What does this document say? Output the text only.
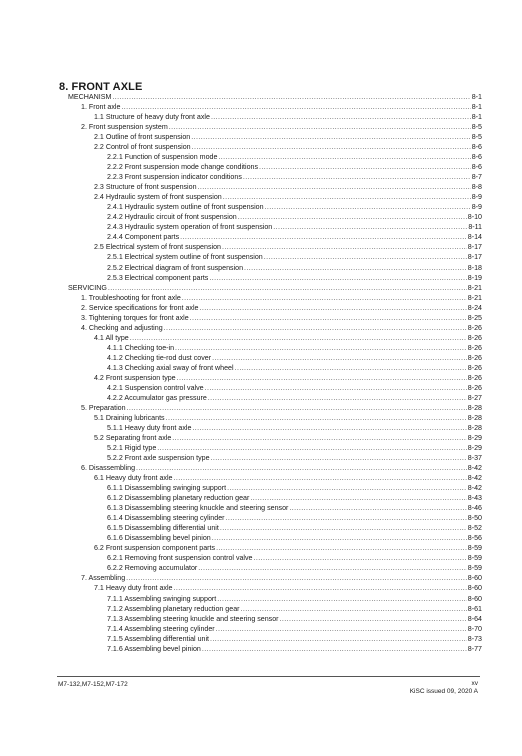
8. FRONT AXLE
MECHANISM .....	8-1
1. Front axle .....	8-1
1.1 Structure of heavy duty front axle .....	8-1
2. Front suspension system .....	8-5
2.1 Outline of front suspension .....	8-5
2.2 Control of front suspension .....	8-6
2.2.1 Function of suspension mode .....	8-6
2.2.2 Front suspension mode change conditions .....	8-6
2.2.3 Front suspension indicator conditions .....	8-7
2.3 Structure of front suspension .....	8-8
2.4 Hydraulic system of front suspension .....	8-9
2.4.1 Hydraulic system outline of front suspension .....	8-9
2.4.2 Hydraulic circuit of front suspension .....	8-10
2.4.3 Hydraulic system operation of front suspension .....	8-11
2.4.4 Component parts .....	8-14
2.5 Electrical system of front suspension .....	8-17
2.5.1 Electrical system outline of front suspension .....	8-17
2.5.2 Electrical diagram of front suspension .....	8-18
2.5.3 Electrical component parts .....	8-19
SERVICING .....	8-21
1. Troubleshooting for front axle .....	8-21
2. Service specifications for front axle .....	8-24
3. Tightening torques for front axle .....	8-25
4. Checking and adjusting .....	8-26
4.1 All type .....	8-26
4.1.1 Checking toe-in .....	8-26
4.1.2 Checking tie-rod dust cover .....	8-26
4.1.3 Checking axial sway of front wheel .....	8-26
4.2 Front suspension type .....	8-26
4.2.1 Suspension control valve .....	8-26
4.2.2 Accumulator gas pressure .....	8-27
5. Preparation .....	8-28
5.1 Draining lubricants .....	8-28
5.1.1 Heavy duty front axle .....	8-28
5.2 Separating front axle .....	8-29
5.2.1 Rigid type .....	8-29
5.2.2 Front axle suspension type .....	8-37
6. Disassembling .....	8-42
6.1 Heavy duty front axle .....	8-42
6.1.1 Disassembling swinging support .....	8-42
6.1.2 Disassembling planetary reduction gear .....	8-43
6.1.3 Disassembling steering knuckle and steering sensor .....	8-46
6.1.4 Disassembling steering cylinder .....	8-50
6.1.5 Disassembling differential unit .....	8-52
6.1.6 Disassembling bevel pinion .....	8-56
6.2 Front suspension component parts .....	8-59
6.2.1 Removing front suspension control valve .....	8-59
6.2.2 Removing accumulator .....	8-59
7. Assembling .....	8-60
7.1 Heavy duty front axle .....	8-60
7.1.1 Assembling swinging support .....	8-60
7.1.2 Assembling planetary reduction gear .....	8-61
7.1.3 Assembling steering knuckle and steering sensor .....	8-64
7.1.4 Assembling steering cylinder .....	8-70
7.1.5 Assembling differential unit .....	8-73
7.1.6 Assembling bevel pinion .....	8-77
M7-132,M7-152,M7-172	xv
KiSC issued 09, 2020 A
